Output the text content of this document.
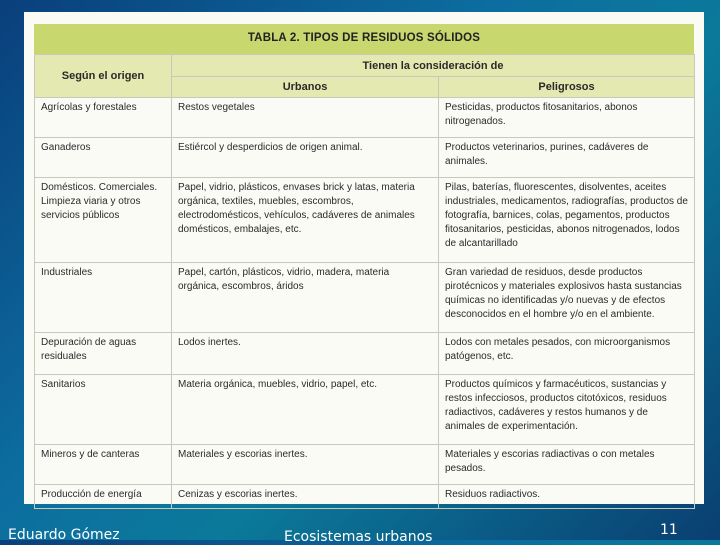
TABLA 2. TIPOS DE RESIDUOS SÓLIDOS
Según el origen	Tienen la consideración de	
	Urbanos	Peligrosos
Agrícolas y forestales	Restos vegetales	Pesticidas, productos fitosanitarios, abonos nitrogenados.
Ganaderos	Estiércol y desperdicios de origen animal.	Productos veterinarios, purines, cadáveres de animales.
Domésticos. Comerciales. Limpieza viaria y otros servicios públicos	Papel, vidrio, plásticos, envases brick y latas, materia orgánica, textiles, muebles, escombros, electrodomésticos, vehículos, cadáveres de animales domésticos, embalajes, etc.	Pilas, baterías, fluorescentes, disolventes, aceites industriales, medicamentos, radiografías, productos de fotografía, barnices, colas, pegamentos, productos fitosanitarios, pesticidas, abonos nitrogenados, lodos de alcantarillado
Industriales	Papel, cartón, plásticos, vidrio, madera, materia orgánica, escombros, áridos	Gran variedad de residuos, desde productos pirotécnicos y materiales explosivos hasta sustancias químicas no identificadas y/o nuevas y de efectos desconocidos en el hombre y/o en el ambiente.
Depuración de aguas residuales	Lodos inertes.	Lodos con metales pesados, con microorganismos patógenos, etc.
Sanitarios	Materia orgánica, muebles, vidrio, papel, etc.	Productos químicos y farmacéuticos, sustancias y restos infecciosos, productos citotóxicos, residuos radiactivos, cadáveres y restos humanos y de animales de experimentación.
Mineros y de canteras	Materiales y escorias inertes.	Materiales y escorias radiactivas o con metales pesados.
Producción de energía	Cenizas y escorias inertes.	Residuos radiactivos.
Eduardo Gómez	Ecosistemas urbanos	11
